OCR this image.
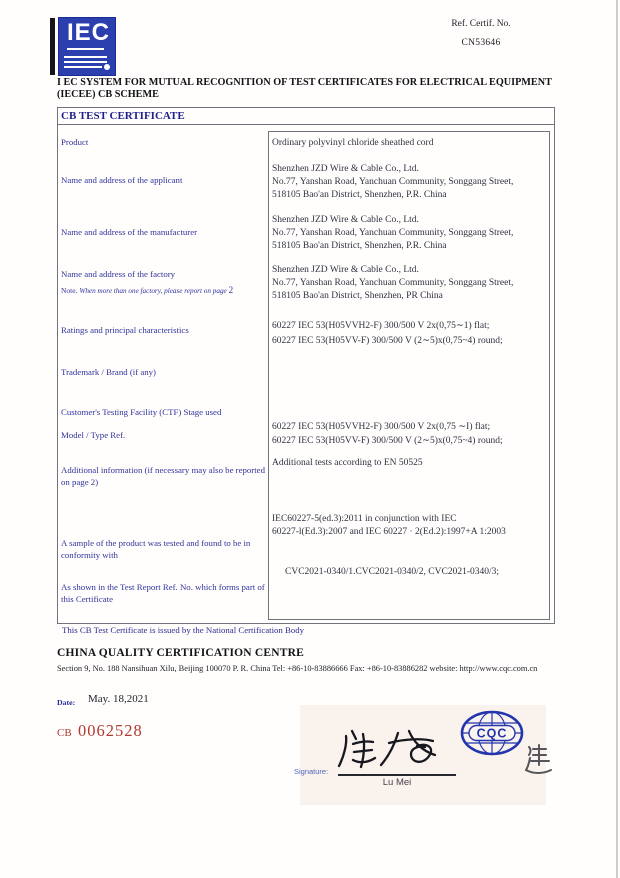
IEC	Ref. Certif. No.
CN53646
I EC SYSTEM FOR MUTUAL RECOGNITION OF TEST CERTIFICATES FOR ELECTRICAL EQUIPMENT
(IECEE) CB SCHEME
CB TEST CERTIFICATE
Product
Name and address of the applicant
Name and address of the manufacturer
Name and address of the factory
Note. When more than one factory, please report on page 2
Ratings and principal characteristics
Trademark / Brand (if any)
Customer's Testing Facility (CTF) Stage used
Model / Type Ref.
Additional information (if necessary may also be reported
on page 2)
A sample of the product was tested and found to be in
conformity with
As shown in the Test Report Ref. No. which forms part of
this Certificate
Ordinary polyvinyl chloride sheathed cord
Shenzhen JZD Wire & Cable Co., Ltd.
No.77, Yanshan Road, Yanchuan Community, Songgang Street,
518105 Bao'an District, Shenzhen, P.R. China
Shenzhen JZD Wire & Cable Co., Ltd.
No.77, Yanshan Road, Yanchuan Community, Songgang Street,
518105 Bao'an District, Shenzhen, P.R. China
Shenzhen JZD Wire & Cable Co., Ltd.
No.77, Yanshan Road, Yanchuan Community, Songgang Street,
518105 Bao'an District, Shenzhen, PR China
60227 IEC 53(H05VVH2-F) 300/500 V 2x(0,75∼1) flat;
60227 IEC 53(H05VV-F) 300/500 V (2∼5)x(0,75~4) round;
60227 IEC 53(H05VVH2-F) 300/500 V 2x(0,75 ∼I) flat;
60227 IEC 53(H05VV-F) 300/500 V (2∼5)x(0,75~4) round;
Additional tests according to EN 50525
IEC60227-5(ed.3):2011 in conjunction with IEC
60227-l(Ed.3):2007 and IEC 60227 · 2(Ed.2):1997+A 1:2003
CVC2021-0340/1.CVC2021-0340/2, CVC2021-0340/3;
This CB Test Certificate is issued by the National Certification Body
CHINA QUALITY CERTIFICATION CENTRE
Section 9, No. 188 Nansihuan Xilu, Beijing 100070 P. R. China Tel: +86-10-83886666 Fax: +86-10-83886282 website: http://www.cqc.com.cn
Date: May. 18,2021
CB 0062528
Signature:
Lu Mei
CQC
